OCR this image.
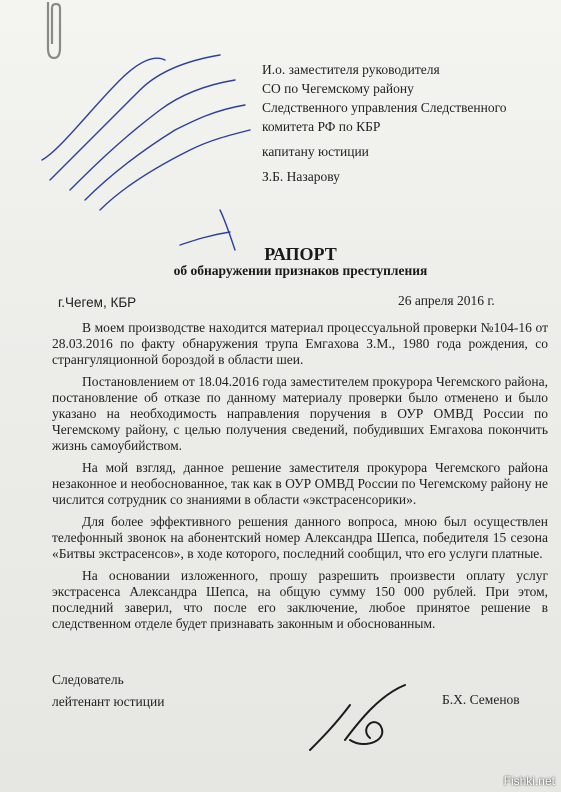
И.о. заместителя руководителя
СО по Чегемскому району
Следственного управления Следственного
комитета РФ по КБР
капитану юстиции
З.Б. Назарову
РАПОРТ
об обнаружении признаков преступления
г.Чегем, КБР	26 апреля 2016 г.

В моем производстве находится материал процессуальной проверки №104-16 от 28.03.2016 по факту обнаружения трупа Емгахова З.М., 1980 года рождения, со странгуляционной бороздой в области шеи.

Постановлением от 18.04.2016 года заместителем прокурора Чегемского района, постановление об отказе по данному материалу проверки было отменено и было указано на необходимость направления поручения в ОУР ОМВД России по Чегемскому району, с целью получения сведений, побудивших Емгахова покончить жизнь самоубийством.

На мой взгляд, данное решение заместителя прокурора Чегемского района незаконное и необоснованное, так как в ОУР ОМВД России по Чегемскому району не числится сотрудник со знаниями в области «экстрасенсорики».

Для более эффективного решения данного вопроса, мною был осуществлен телефонный звонок на абонентский номер Александра Шепса, победителя 15 сезона «Битвы экстрасенсов», в ходе которого, последний сообщил, что его услуги платные.

На основании изложенного, прошу разрешить произвести оплату услуг экстрасенса Александра Шепса, на общую сумму 150 000 рублей. При этом, последний заверил, что после его заключение, любое принятое решение в следственном отделе будет признавать законным и обоснованным.

Следователь
лейтенант юстиции	Б.Х. Семенов
Fishki.net
